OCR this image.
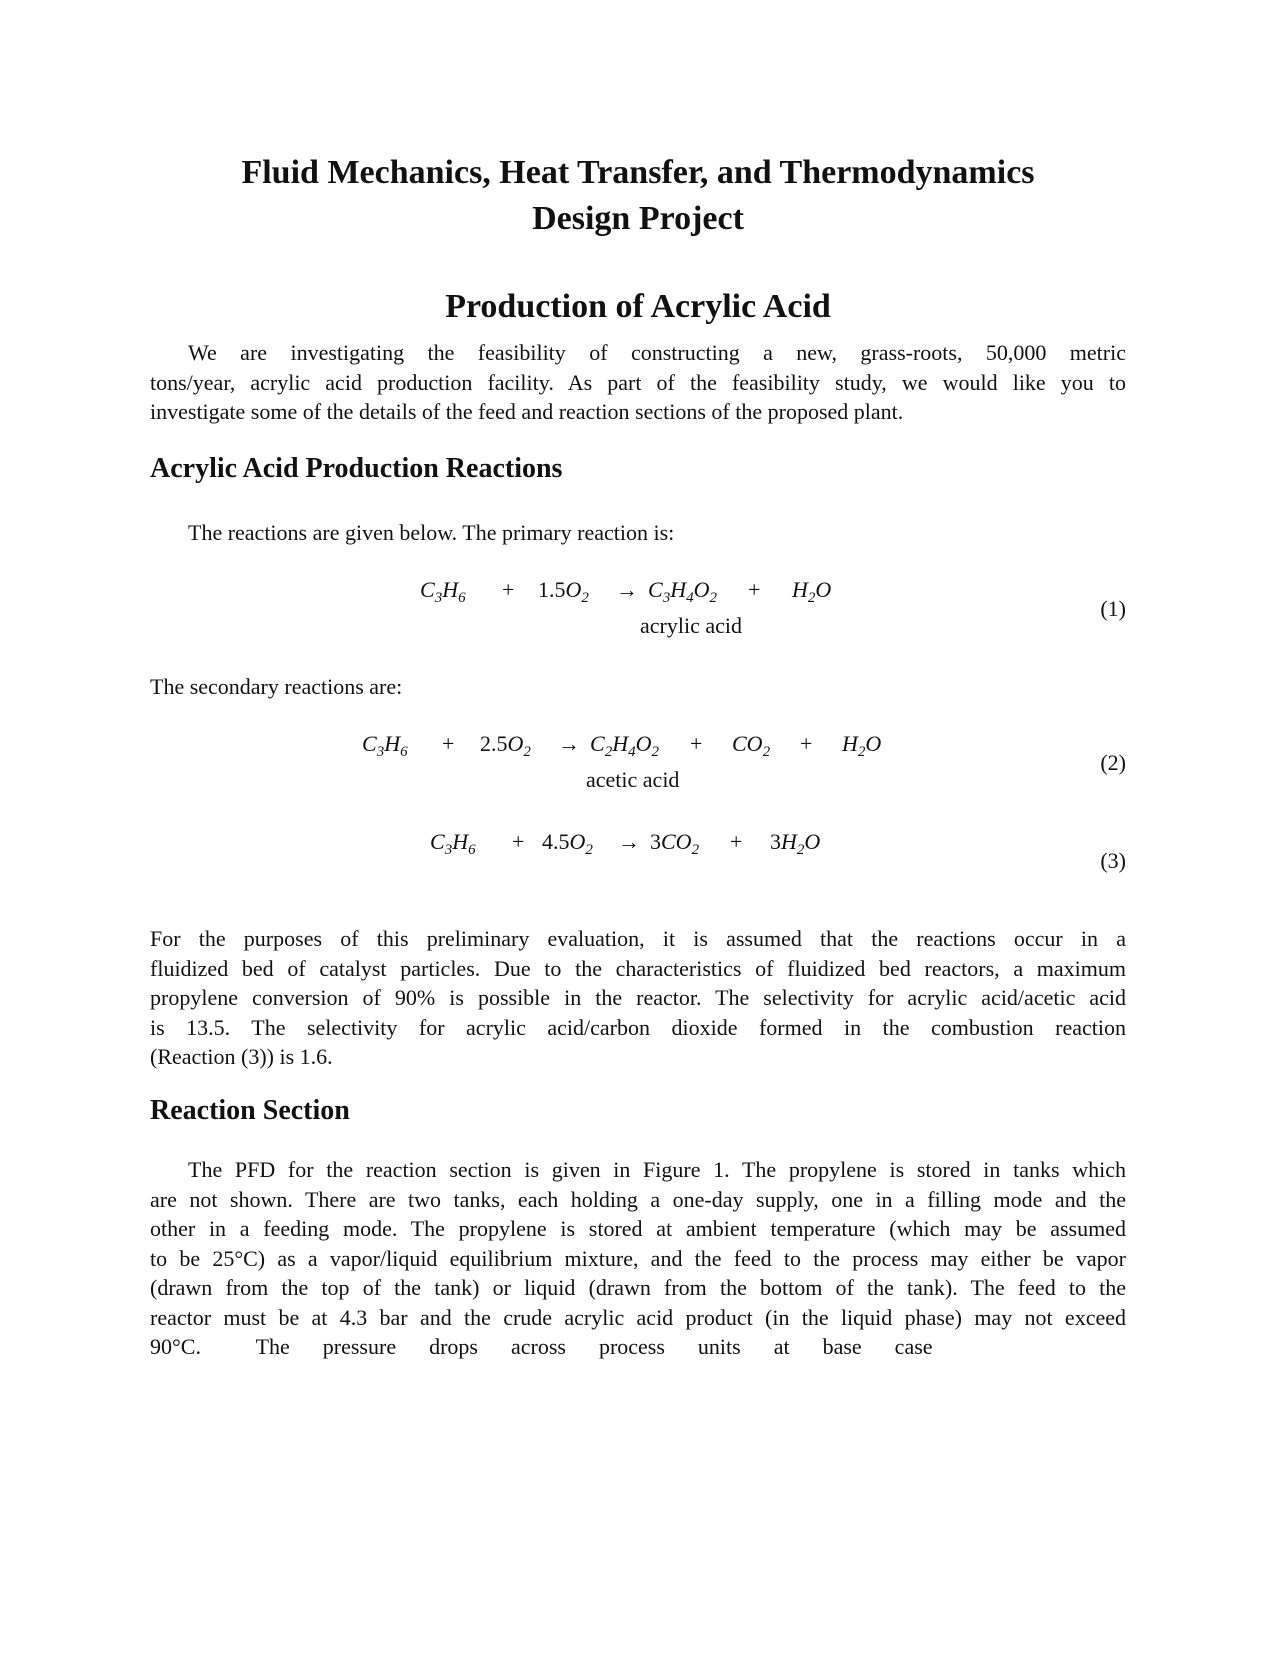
Fluid Mechanics, Heat Transfer, and Thermodynamics
Design Project
Production of Acrylic Acid

We are investigating the feasibility of constructing a new, grass-roots, 50,000 metric
tons/year, acrylic acid production facility. As part of the feasibility study, we would like you to
investigate some of the details of the feed and reaction sections of the proposed plant.

Acrylic Acid Production Reactions

The reactions are given below. The primary reaction is:

$C_3H_6 + 1.5O_2 \to C_3H_4O_2 + H_2O$
acrylic acid
(1)

The secondary reactions are:

$C_3H_6 + 2.5O_2 \to C_2H_4O_2 + CO_2 + H_2O$
acetic acid
(2)
$C_3H_6 + 4.5O_2 \to 3CO_2 + 3H_2O$
(3)

For the purposes of this preliminary evaluation, it is assumed that the reactions occur in a
fluidized bed of catalyst particles. Due to the characteristics of fluidized bed reactors, a maximum
propylene conversion of 90% is possible in the reactor. The selectivity for acrylic acid/acetic acid
is 13.5. The selectivity for acrylic acid/carbon dioxide formed in the combustion reaction
(Reaction (3)) is 1.6.

Reaction Section

The PFD for the reaction section is given in Figure 1. The propylene is stored in tanks which
are not shown. There are two tanks, each holding a one-day supply, one in a filling mode and the
other in a feeding mode. The propylene is stored at ambient temperature (which may be assumed
to be 25°C) as a vapor/liquid equilibrium mixture, and the feed to the process may either be vapor
(drawn from the top of the tank) or liquid (drawn from the bottom of the tank). The feed to the
reactor must be at 4.3 bar and the crude acrylic acid product (in the liquid phase) may not exceed
90°C.          The      pressure      drops      across      process      units      at      base      case
